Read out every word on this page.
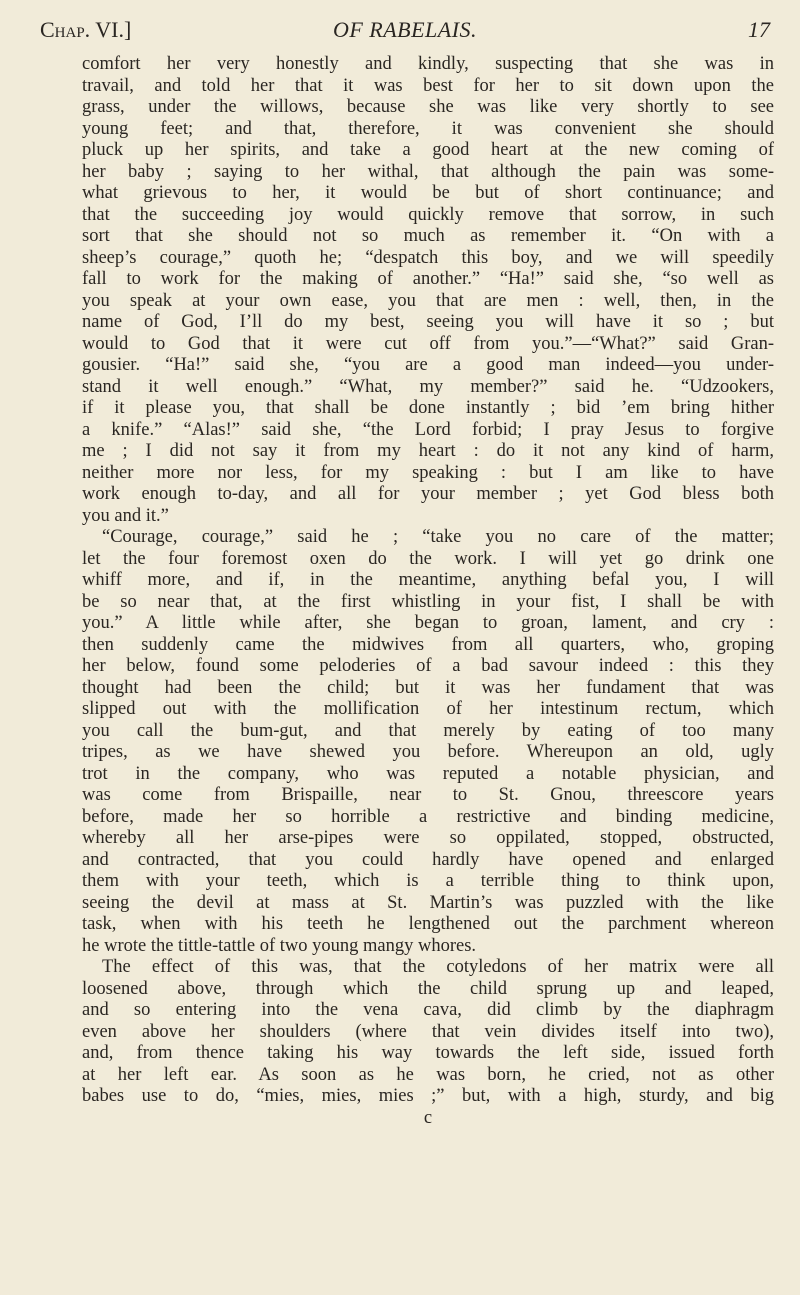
Chap. VI.]	OF RABELAIS.	17
comfort her very honestly and kindly, suspecting that she was in
travail, and told her that it was best for her to sit down upon the
grass, under the willows, because she was like very shortly to see
young feet; and that, therefore, it was convenient she should
pluck up her spirits, and take a good heart at the new coming of
her baby ; saying to her withal, that although the pain was some-
what grievous to her, it would be but of short continuance; and
that the succeeding joy would quickly remove that sorrow, in such
sort that she should not so much as remember it. “On with a
sheep’s courage,” quoth he; “despatch this boy, and we will speedily
fall to work for the making of another.” “Ha!” said she, “so well as
you speak at your own ease, you that are men : well, then, in the
name of God, I’ll do my best, seeing you will have it so ; but
would to God that it were cut off from you.”—“What?” said Gran-
gousier. “Ha!” said she, “you are a good man indeed—you under-
stand it well enough.” “What, my member?” said he. “Udzookers,
if it please you, that shall be done instantly ; bid ’em bring hither
a knife.” “Alas!” said she, “the Lord forbid; I pray Jesus to forgive
me ; I did not say it from my heart : do it not any kind of harm,
neither more nor less, for my speaking : but I am like to have
work enough to-day, and all for your member ; yet God bless both
you and it.”
“Courage, courage,” said he ; “take you no care of the matter;
let the four foremost oxen do the work. I will yet go drink one
whiff more, and if, in the meantime, anything befal you, I will
be so near that, at the first whistling in your fist, I shall be with
you.” A little while after, she began to groan, lament, and cry :
then suddenly came the midwives from all quarters, who, groping
her below, found some peloderies of a bad savour indeed : this they
thought had been the child; but it was her fundament that was
slipped out with the mollification of her intestinum rectum, which
you call the bum-gut, and that merely by eating of too many
tripes, as we have shewed you before. Whereupon an old, ugly
trot in the company, who was reputed a notable physician, and
was come from Brispaille, near to St. Gnou, threescore years
before, made her so horrible a restrictive and binding medicine,
whereby all her arse-pipes were so oppilated, stopped, obstructed,
and contracted, that you could hardly have opened and enlarged
them with your teeth, which is a terrible thing to think upon,
seeing the devil at mass at St. Martin’s was puzzled with the like
task, when with his teeth he lengthened out the parchment whereon
he wrote the tittle-tattle of two young mangy whores.
The effect of this was, that the cotyledons of her matrix were all
loosened above, through which the child sprung up and leaped,
and so entering into the vena cava, did climb by the diaphragm
even above her shoulders (where that vein divides itself into two),
and, from thence taking his way towards the left side, issued forth
at her left ear. As soon as he was born, he cried, not as other
babes use to do, “mies, mies, mies ;” but, with a high, sturdy, and big
c
